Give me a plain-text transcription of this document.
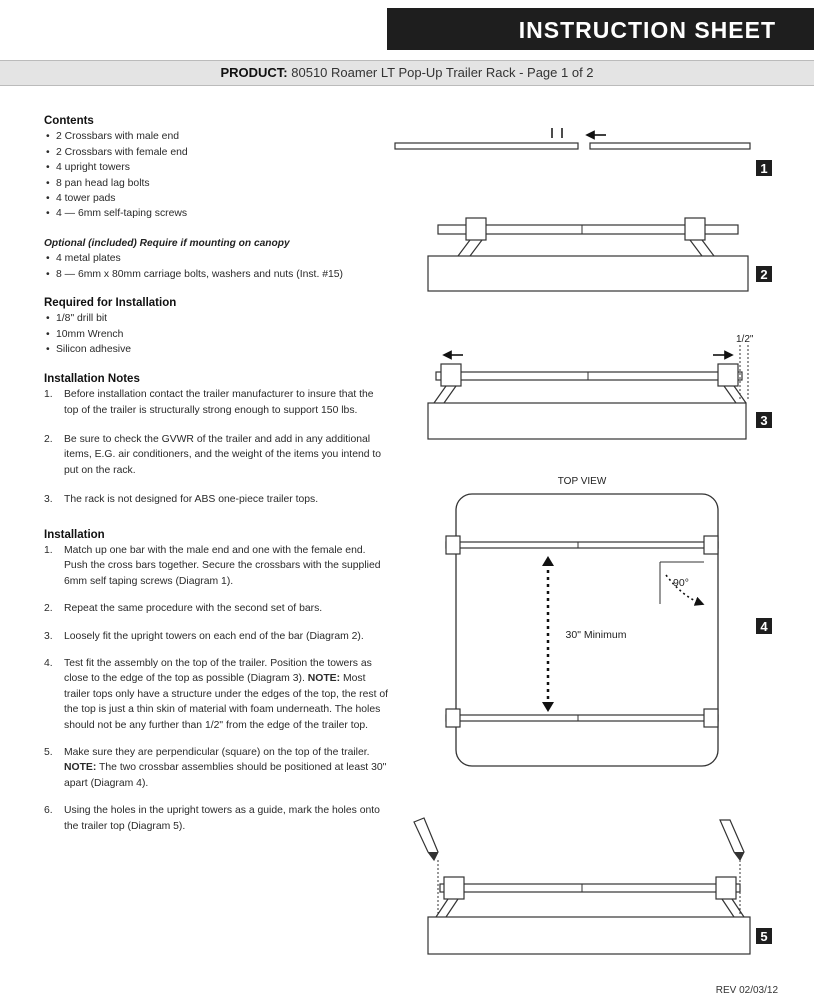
INSTRUCTION SHEET
PRODUCT: 80510 Roamer LT Pop-Up Trailer Rack - Page 1 of 2
Contents
• 2 Crossbars with male end
• 2 Crossbars with female end
• 4 upright towers
• 8 pan head lag bolts
• 4 tower pads
• 4 — 6mm self-taping screws
Optional (included) Require if mounting on canopy
• 4 metal plates
• 8 — 6mm x 80mm carriage bolts, washers and nuts (Inst. #15)
Required for Installation
• 1/8" drill bit
• 10mm Wrench
• Silicon adhesive
Installation Notes
1.	Before installation contact the trailer manufacturer to insure that the top of the trailer is structurally strong enough to support 150 lbs.
2.	Be sure to check the GVWR of the trailer and add in any additional items, E.G. air conditioners, and the weight of the items you intend to put on the rack.
3.	The rack is not designed for ABS one-piece trailer tops.
Installation
1.	Match up one bar with the male end and one with the female end. Push the cross bars together. Secure the crossbars with the supplied 6mm self taping screws (Diagram 1).
2.	Repeat the same procedure with the second set of bars.
3.	Loosely fit the upright towers on each end of the bar (Diagram 2).
4.	Test fit the assembly on the top of the trailer. Position the towers as close to the edge of the top as possible (Diagram 3). NOTE: Most trailer tops only have a structure under the edges of the top, the rest of the top is just a thin skin of material with foam underneath. The holes should not be any further than 1/2" from the edge of the trailer top.
5.	Make sure they are perpendicular (square) on the top of the trailer. NOTE: The two crossbar assemblies should be positioned at least 30" apart (Diagram 4).
6.	Using the holes in the upright towers as a guide, mark the holes onto the trailer top (Diagram 5).
1
2
1/2"
3
TOP VIEW
30" Minimum
90°
4
5
REV 02/03/12
